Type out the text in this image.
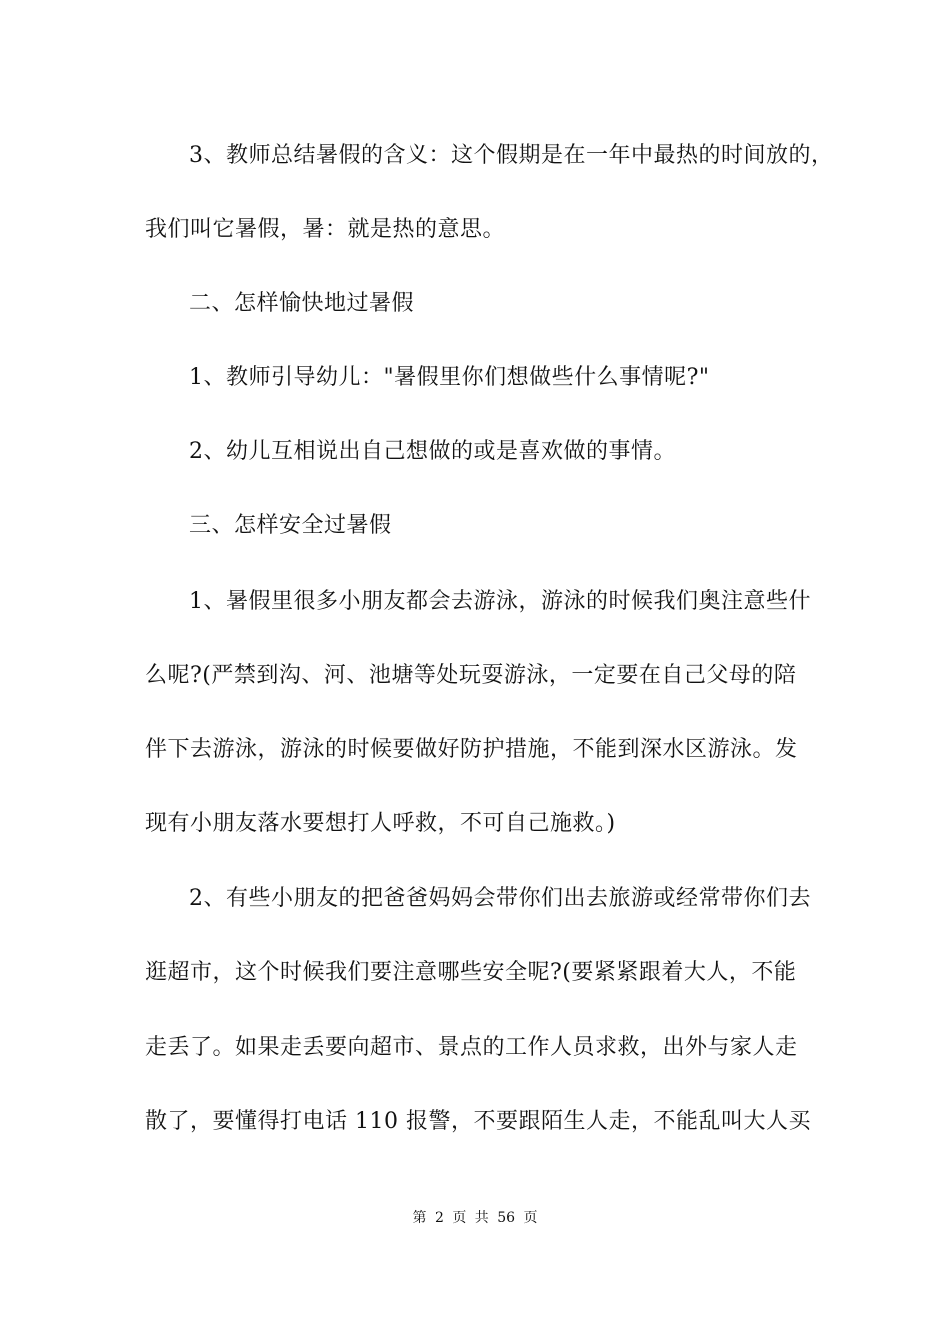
3、教师总结暑假的含义：这个假期是在一年中最热的时间放的，
我们叫它暑假，暑：就是热的意思。
二、怎样愉快地过暑假
1、教师引导幼儿："暑假里你们想做些什么事情呢?"
2、幼儿互相说出自己想做的或是喜欢做的事情。
三、怎样安全过暑假
1、暑假里很多小朋友都会去游泳，游泳的时候我们奥注意些什
么呢?(严禁到沟、河、池塘等处玩耍游泳，一定要在自己父母的陪
伴下去游泳，游泳的时候要做好防护措施，不能到深水区游泳。发
现有小朋友落水要想打人呼救，不可自己施救。)
2、有些小朋友的把爸爸妈妈会带你们出去旅游或经常带你们去
逛超市，这个时候我们要注意哪些安全呢?(要紧紧跟着大人，不能
走丢了。如果走丢要向超市、景点的工作人员求救，出外与家人走
散了，要懂得打电话 110 报警，不要跟陌生人走，不能乱叫大人买
第 2 页 共 56 页
